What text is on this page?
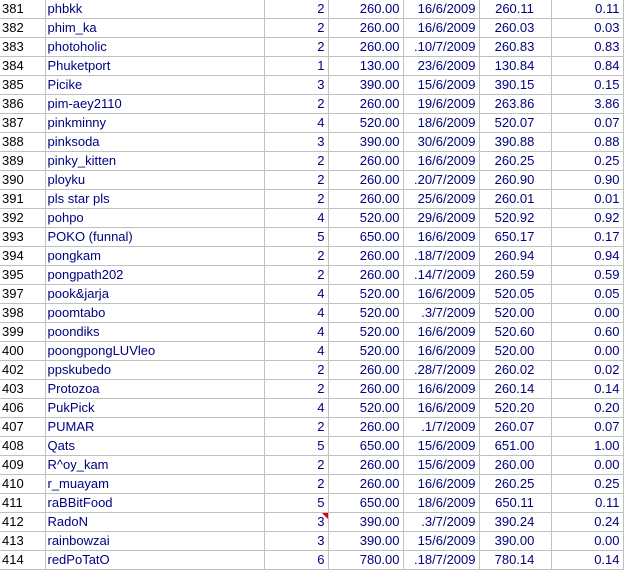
381	phbkk	2	260.00	16/6/2009	260.11	0.11
382	phim_ka	2	260.00	16/6/2009	260.03	0.03
383	photoholic	2	260.00	.10/7/2009	260.83	0.83
384	Phuketport	1	130.00	23/6/2009	130.84	0.84
385	Picike	3	390.00	15/6/2009	390.15	0.15
386	pim-aey2110	2	260.00	19/6/2009	263.86	3.86
387	pinkminny	4	520.00	18/6/2009	520.07	0.07
388	pinksoda	3	390.00	30/6/2009	390.88	0.88
389	pinky_kitten	2	260.00	16/6/2009	260.25	0.25
390	ployku	2	260.00	.20/7/2009	260.90	0.90
391	pls star pls	2	260.00	25/6/2009	260.01	0.01
392	pohpo	4	520.00	29/6/2009	520.92	0.92
393	POKO (funnal)	5	650.00	16/6/2009	650.17	0.17
394	pongkam	2	260.00	.18/7/2009	260.94	0.94
395	pongpath202	2	260.00	.14/7/2009	260.59	0.59
397	pook&jarja	4	520.00	16/6/2009	520.05	0.05
398	poomtabo	4	520.00	.3/7/2009	520.00	0.00
399	poondiks	4	520.00	16/6/2009	520.60	0.60
400	poongpongLUVleo	4	520.00	16/6/2009	520.00	0.00
402	ppskubedo	2	260.00	.28/7/2009	260.02	0.02
403	Protozoa	2	260.00	16/6/2009	260.14	0.14
406	PukPick	4	520.00	16/6/2009	520.20	0.20
407	PUMAR	2	260.00	.1/7/2009	260.07	0.07
408	Qats	5	650.00	15/6/2009	651.00	1.00
409	R^oy_kam	2	260.00	15/6/2009	260.00	0.00
410	r_muayam	2	260.00	16/6/2009	260.25	0.25
411	raBBitFood	5	650.00	18/6/2009	650.11	0.11
412	RadoN	3	390.00	.3/7/2009	390.24	0.24
413	rainbowzai	3	390.00	15/6/2009	390.00	0.00
414	redPoTatO	6	780.00	.18/7/2009	780.14	0.14
